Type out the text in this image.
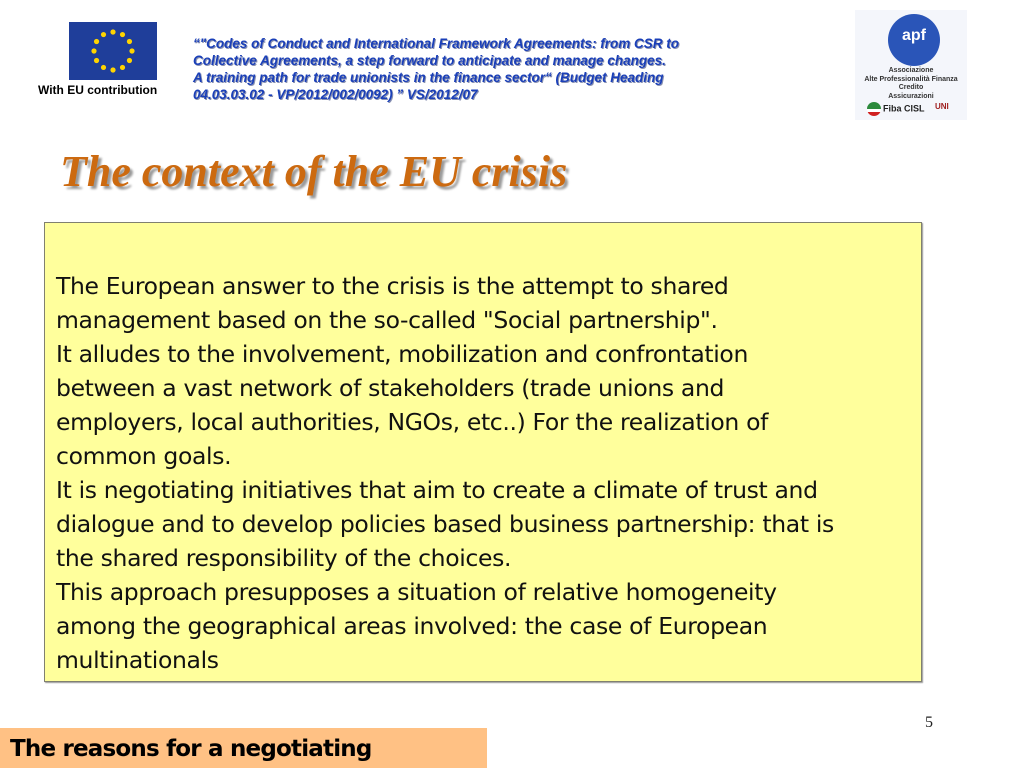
With EU contribution
“"Codes of Conduct and International Framework Agreements: from CSR to
Collective Agreements, a step forward to anticipate and manage changes.
A training path for trade unionists in the finance sector“ (Budget Heading
04.03.03.02 - VP/2012/002/0092) ” VS/2012/07
apf
Associazione
Alte Professionalità Finanza
Credito
Assicurazioni
Fiba CISL UNI
The context of the EU crisis
The European answer to the crisis is the attempt to shared
management based on the so-called "Social partnership".
It alludes to the involvement, mobilization and confrontation
between a vast network of stakeholders (trade unions and
employers, local authorities, NGOs, etc..) For the realization of
common goals.
It is negotiating initiatives that aim to create a climate of trust and
dialogue and to develop policies based business partnership: that is
the shared responsibility of the choices.
This approach presupposes a situation of relative homogeneity
among the geographical areas involved: the case of European
multinationals
5
The reasons for a negotiating
